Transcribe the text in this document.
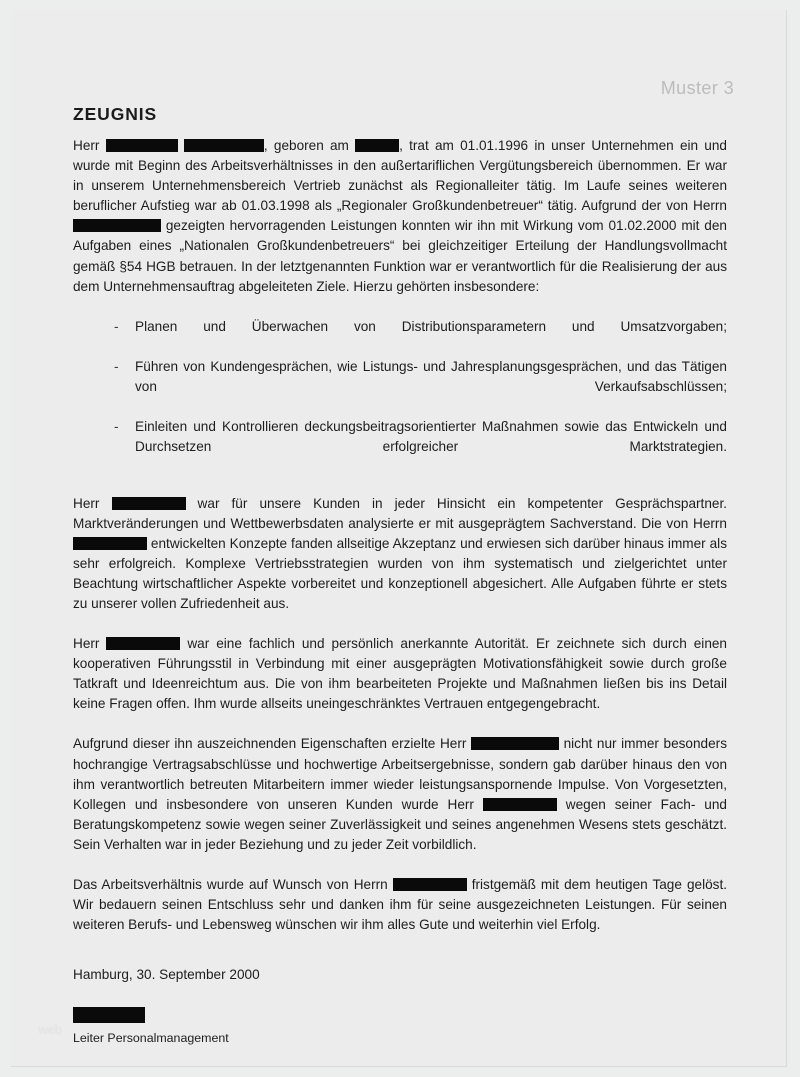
Muster 3
ZEUGNIS

Herr	, geboren am	, trat am 01.01.1996 in unser Unternehmen ein und wurde mit Beginn des Arbeitsverhältnisses in den außertariflichen Vergütungsbereich übernommen. Er war in unserem Unternehmensbereich Vertrieb zunächst als Regionalleiter tätig. Im Laufe seines weiteren beruflicher Aufstieg war ab 01.03.1998 als „Regionaler Großkundenbetreuer“ tätig. Aufgrund der von Herrn  gezeigten hervorragenden Leistungen konnten wir ihn mit Wirkung vom 01.02.2000 mit den Aufgaben eines „Nationalen Großkundenbetreuers“ bei gleichzeitiger Erteilung der Handlungsvollmacht gemäß §54 HGB betrauen. In der letztgenannten Funktion war er verantwortlich für die Realisierung der aus dem Unternehmensauftrag abgeleiteten Ziele. Hierzu gehörten insbesondere:

- Planen und Überwachen von Distributionsparametern und Umsatzvorgaben;
- Führen von Kundengesprächen, wie Listungs- und Jahresplanungsgesprächen, und das Tätigen von Verkaufsabschlüssen;
- Einleiten und Kontrollieren deckungsbeitragsorientierter Maßnahmen sowie das Entwickeln und Durchsetzen erfolgreicher Marktstrategien.

Herr	war für unsere Kunden in jeder Hinsicht ein kompetenter Gesprächspartner. Marktveränderungen und Wettbewerbsdaten analysierte er mit ausgeprägtem Sachverstand. Die von Herrn  entwickelten Konzepte fanden allseitige Akzeptanz und erwiesen sich darüber hinaus immer als sehr erfolgreich. Komplexe Vertriebsstrategien wurden von ihm systematisch und zielgerichtet unter Beachtung wirtschaftlicher Aspekte vorbereitet und konzeptionell abgesichert. Alle Aufgaben führte er stets zu unserer vollen Zufriedenheit aus.

Herr	war eine fachlich und persönlich anerkannte Autorität. Er zeichnete sich durch einen kooperativen Führungsstil in Verbindung mit einer ausgeprägten Motivationsfähigkeit sowie durch große Tatkraft und Ideenreichtum aus. Die von ihm bearbeiteten Projekte und Maßnahmen ließen bis ins Detail keine Fragen offen. Ihm wurde allseits uneingeschränktes Vertrauen entgegengebracht.

Aufgrund dieser ihn auszeichnenden Eigenschaften erzielte Herr	nicht nur immer besonders hochrangige Vertragsabschlüsse und hochwertige Arbeitsergebnisse, sondern gab darüber hinaus den von ihm verantwortlich betreuten Mitarbeitern immer wieder leistungsanspornende Impulse. Von Vorgesetzten, Kollegen und insbesondere von unseren Kunden wurde Herr	wegen seiner Fach- und Beratungskompetenz sowie wegen seiner Zuverlässigkeit und seines angenehmen Wesens stets geschätzt. Sein Verhalten war in jeder Beziehung und zu jeder Zeit vorbildlich.

Das Arbeitsverhältnis wurde auf Wunsch von Herrn	fristgemäß mit dem heutigen Tage gelöst. Wir bedauern seinen Entschluss sehr und danken ihm für seine ausgezeichneten Leistungen. Für seinen weiteren Berufs- und Lebensweg wünschen wir ihm alles Gute und weiterhin viel Erfolg.

Hamburg, 30. September 2000

Leiter Personalmanagement
web
